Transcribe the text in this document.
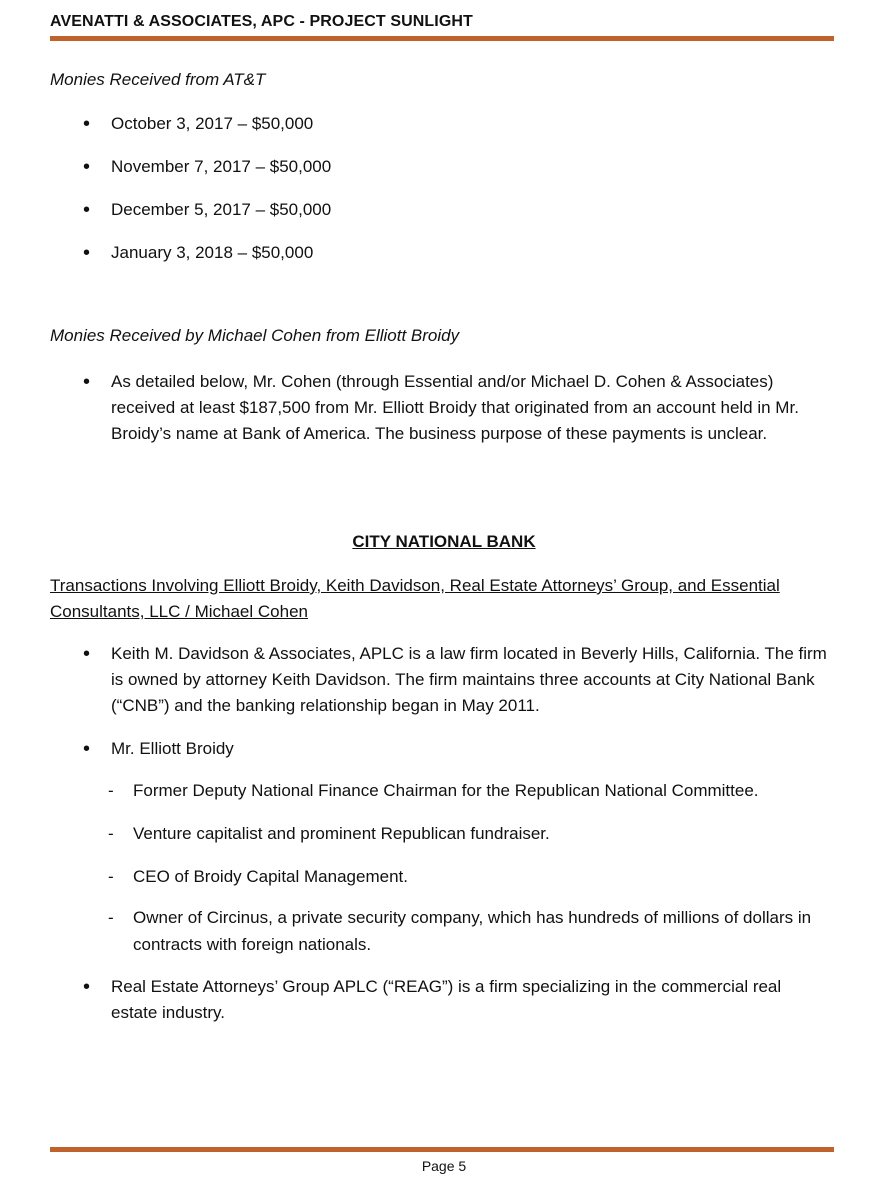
AVENATTI & ASSOCIATES, APC - PROJECT SUNLIGHT
Monies Received from AT&T
• October 3, 2017 – $50,000
• November 7, 2017 – $50,000
• December 5, 2017 – $50,000
• January 3, 2018 – $50,000
Monies Received by Michael Cohen from Elliott Broidy
• As detailed below, Mr. Cohen (through Essential and/or Michael D. Cohen & Associates) received at least $187,500 from Mr. Elliott Broidy that originated from an account held in Mr. Broidy’s name at Bank of America. The business purpose of these payments is unclear.
CITY NATIONAL BANK
Transactions Involving Elliott Broidy, Keith Davidson, Real Estate Attorneys’ Group, and Essential Consultants, LLC / Michael Cohen
• Keith M. Davidson & Associates, APLC is a law firm located in Beverly Hills, California. The firm is owned by attorney Keith Davidson. The firm maintains three accounts at City National Bank (“CNB”) and the banking relationship began in May 2011.
• Mr. Elliott Broidy
- Former Deputy National Finance Chairman for the Republican National Committee.
- Venture capitalist and prominent Republican fundraiser.
- CEO of Broidy Capital Management.
- Owner of Circinus, a private security company, which has hundreds of millions of dollars in contracts with foreign nationals.
• Real Estate Attorneys’ Group APLC (“REAG”) is a firm specializing in the commercial real estate industry.
Page 5
